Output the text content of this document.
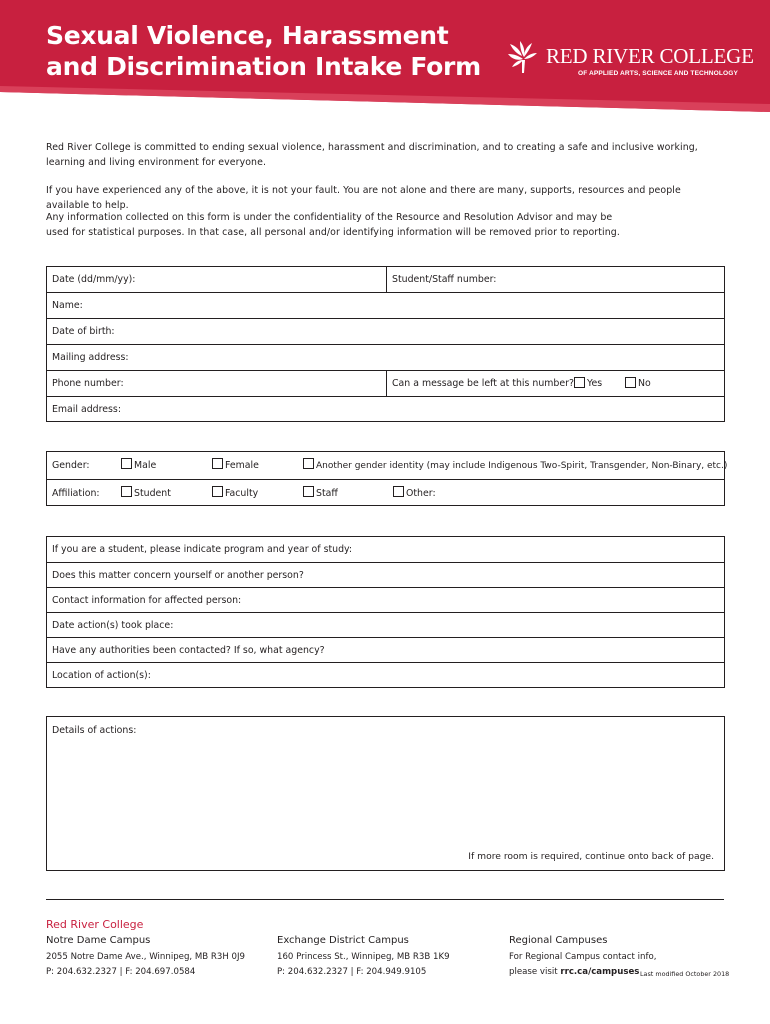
Sexual Violence, Harassment
and Discrimination Intake Form	RED RIVER COLLEGE
OF APPLIED ARTS, SCIENCE AND TECHNOLOGY
Red River College is committed to ending sexual violence, harassment and discrimination, and to creating a safe and inclusive working, learning and living environment for everyone.
If you have experienced any of the above, it is not your fault. You are not alone and there are many, supports, resources and people available to help.
Any information collected on this form is under the confidentiality of the Resource and Resolution Advisor and may be used for statistical purposes. In that case, all personal and/or identifying information will be removed prior to reporting.
Date (dd/mm/yy):	Student/Staff number:
Name:
Date of birth:
Mailing address:
Phone number:	Can a message be left at this number? Yes	No
Email address:
Gender:	Male	Female	Another gender identity (may include Indigenous Two-Spirit, Transgender, Non-Binary, etc.)
Affiliation:	Student	Faculty	Staff	Other:
If you are a student, please indicate program and year of study:
Does this matter concern yourself or another person?
Contact information for affected person:
Date action(s) took place:
Have any authorities been contacted? If so, what agency?
Location of action(s):
Details of actions:
If more room is required, continue onto back of page.
Red River College
Notre Dame Campus
2055 Notre Dame Ave., Winnipeg, MB R3H 0J9
P: 204.632.2327 | F: 204.697.0584
Exchange District Campus
160 Princess St., Winnipeg, MB R3B 1K9
P: 204.632.2327 | F: 204.949.9105
Regional Campuses
For Regional Campus contact info,
please visit rrc.ca/campuses Last modified October 2018
